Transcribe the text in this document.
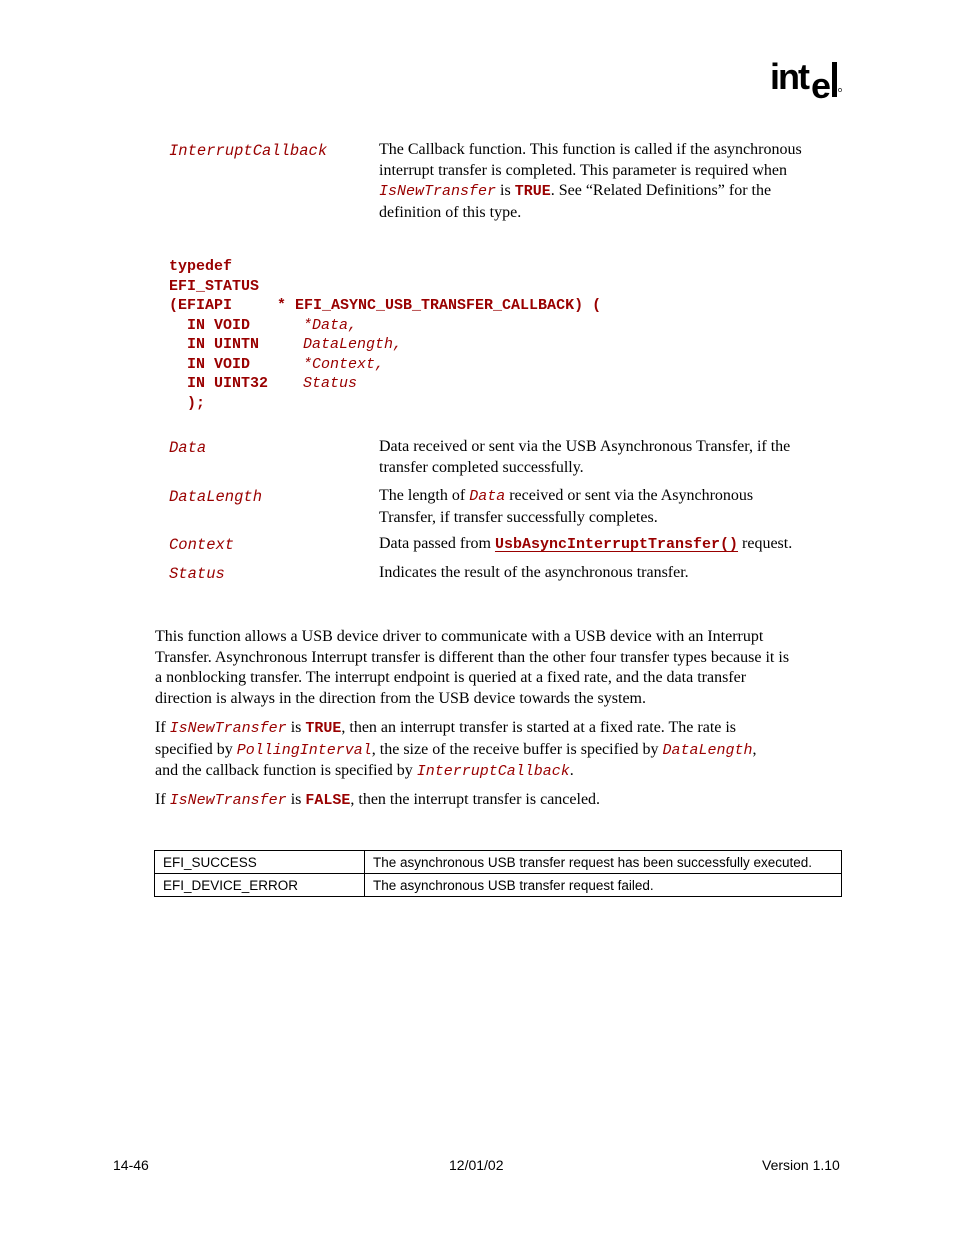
int e
InterruptCallback	The Callback function. This function is called if the asynchronous
interrupt transfer is completed. This parameter is required when
IsNewTransfer is TRUE. See “Related Definitions” for the
definition of this type.
typedef
EFI_STATUS
(EFIAPI     * EFI_ASYNC_USB_TRANSFER_CALLBACK) (
IN VOID	*Data,
IN UINTN	DataLength,
IN VOID	*Context,
IN UINT32 Status
);
Data	Data received or sent via the USB Asynchronous Transfer, if the
transfer completed successfully.
DataLength	The length of Data received or sent via the Asynchronous
Transfer, if transfer successfully completes.
Context	Data passed from UsbAsyncInterruptTransfer() request.
Status	Indicates the result of the asynchronous transfer.
This function allows a USB device driver to communicate with a USB device with an Interrupt
Transfer. Asynchronous Interrupt transfer is different than the other four transfer types because it is
a nonblocking transfer. The interrupt endpoint is queried at a fixed rate, and the data transfer
direction is always in the direction from the USB device towards the system.
If IsNewTransfer is TRUE, then an interrupt transfer is started at a fixed rate. The rate is
specified by PollingInterval, the size of the receive buffer is specified by DataLength,
and the callback function is specified by InterruptCallback.
If IsNewTransfer is FALSE, then the interrupt transfer is canceled.
EFI_SUCCESS	The asynchronous USB transfer request has been successfully executed.
EFI_DEVICE_ERROR	The asynchronous USB transfer request failed.
14-46	12/01/02	Version 1.10
